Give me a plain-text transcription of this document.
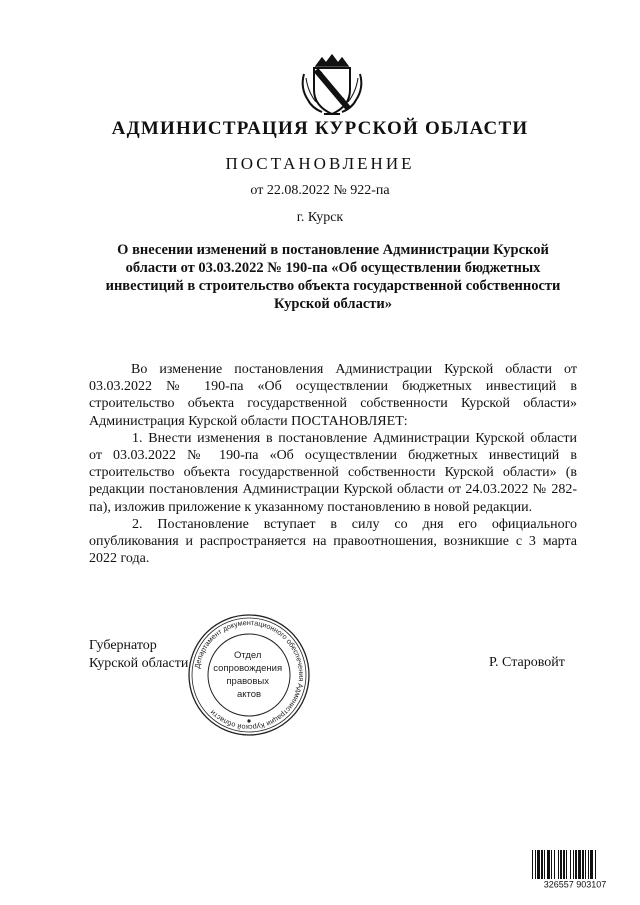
АДМИНИСТРАЦИЯ КУРСКОЙ ОБЛАСТИ
ПОСТАНОВЛЕНИЕ
от 22.08.2022 № 922-па
г. Курск

О внесении изменений в постановление Администрации Курской области от 03.03.2022 № 190-па «Об осуществлении бюджетных инвестиций в строительство объекта государственной собственности Курской области»

Во изменение постановления Администрации Курской области от 03.03.2022 № 190-па «Об осуществлении бюджетных инвестиций в строительство объекта государственной собственности Курской области» Администрация Курской области ПОСТАНОВЛЯЕТ:

1. Внести изменения в постановление Администрации Курской области от 03.03.2022 № 190-па «Об осуществлении бюджетных инвестиций в строительство объекта государственной собственности Курской области» (в редакции постановления Администрации Курской области от 24.03.2022 № 282-па), изложив приложение к указанному постановлению в новой редакции.

2. Постановление вступает в силу со дня его официального опубликования и распространяется на правоотношения, возникшие с 3 марта 2022 года.

Губернатор
Курской области	Р. Старовойт
Департамент документационного обеспечения Администрации Курской области
Отдел сопровождения правовых актов
326557 903107
